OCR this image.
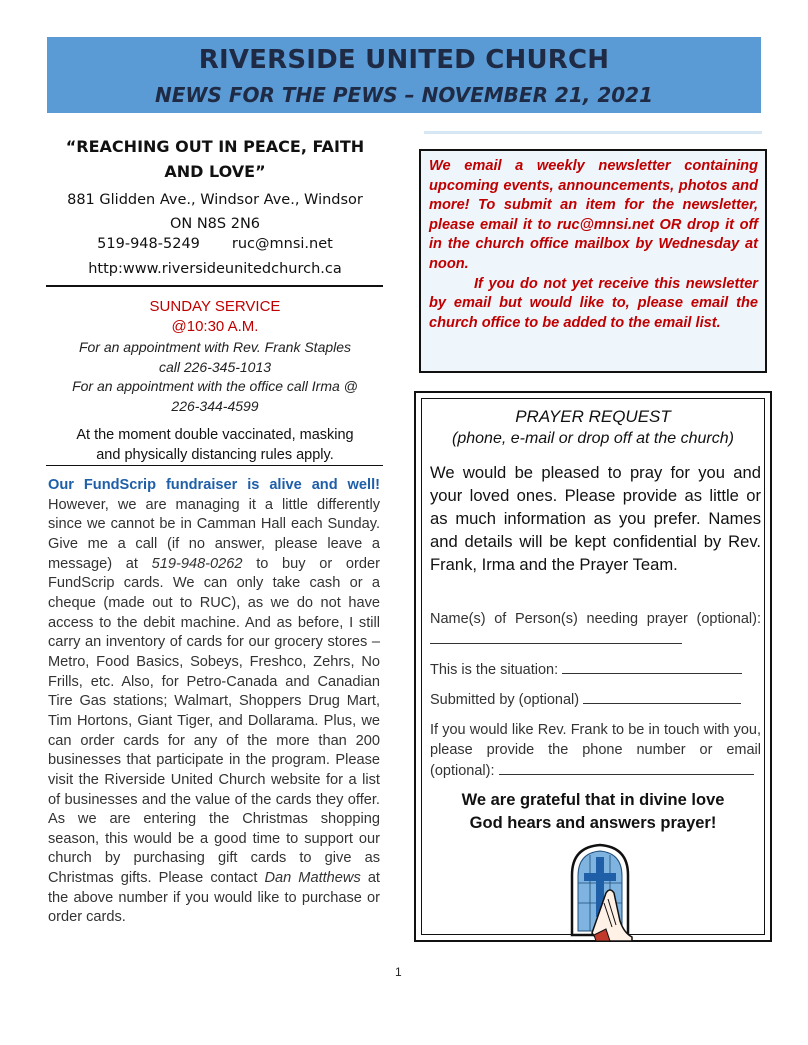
RIVERSIDE UNITED CHURCH
NEWS FOR THE PEWS – NOVEMBER 21, 2021
“REACHING OUT IN PEACE, FAITH
AND LOVE”
881 Glidden Ave., Windsor Ave., Windsor
ON N8S 2N6
519-948-5249 ruc@mnsi.net
http:www.riversideunitedchurch.ca
SUNDAY SERVICE
@10:30 A.M.
For an appointment with Rev. Frank Staples
call 226-345-1013
For an appointment with the office call Irma @
226-344-4599
At the moment double vaccinated, masking
and physically distancing rules apply.
Our FundScrip fundraiser is alive and well! However, we are managing it a little differently since we cannot be in Camman Hall each Sunday. Give me a call (if no answer, please leave a message) at 519-948-0262 to buy or order FundScrip cards. We can only take cash or a cheque (made out to RUC), as we do not have access to the debit machine. And as before, I still carry an inventory of cards for our grocery stores – Metro, Food Basics, Sobeys, Freshco, Zehrs, No Frills, etc. Also, for Petro-Canada and Canadian Tire Gas stations; Walmart, Shoppers Drug Mart, Tim Hortons, Giant Tiger, and Dollarama. Plus, we can order cards for any of the more than 200 businesses that participate in the program. Please visit the Riverside United Church website for a list of businesses and the value of the cards they offer. As we are entering the Christmas shopping season, this would be a good time to support our church by purchasing gift cards to give as Christmas gifts. Please contact Dan Matthews at the above number if you would like to purchase or order cards.
We email a weekly newsletter containing upcoming events, announcements, photos and more! To submit an item for the newsletter, please email it to ruc@mnsi.net OR drop it off in the church office mailbox by Wednesday at noon.
If you do not yet receive this newsletter by email but would like to, please email the church office to be added to the email list.
PRAYER REQUEST
(phone, e-mail or drop off at the church)
We would be pleased to pray for you and your loved ones. Please provide as little or as much information as you prefer. Names and details will be kept confidential by Rev. Frank, Irma and the Prayer Team.
Name(s) of Person(s) needing prayer (optional):
This is the situation:
Submitted by (optional)
If you would like Rev. Frank to be in touch with you, please provide the phone number or email (optional):
We are grateful that in divine love
God hears and answers prayer!
1
